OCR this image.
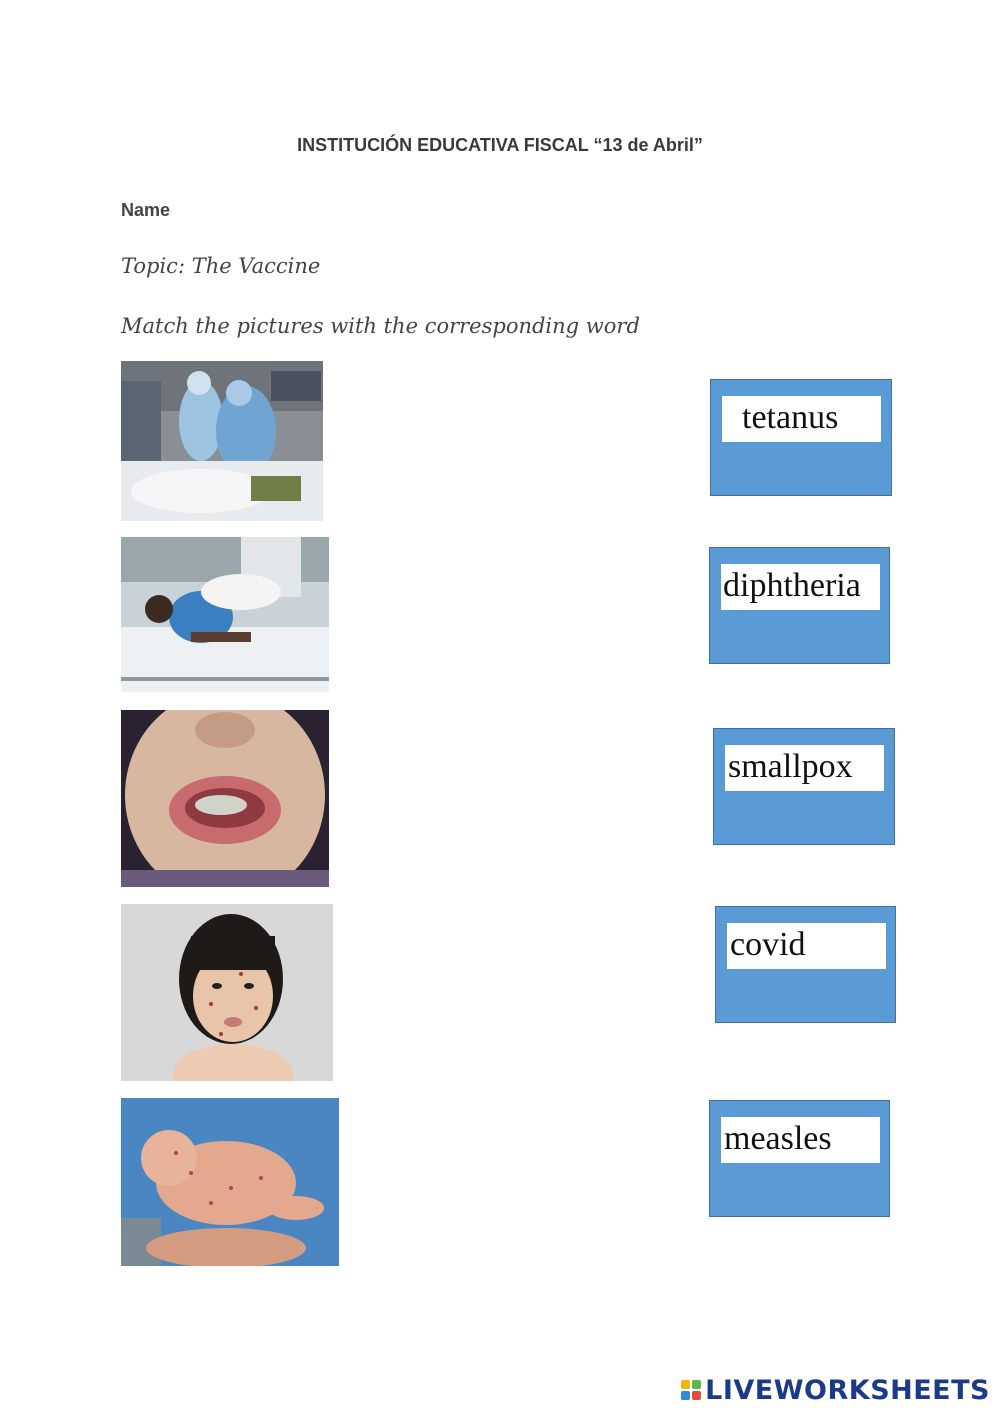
INSTITUCIÓN EDUCATIVA FISCAL “13 de Abril”
Name
Topic: The Vaccine
Match the pictures with the corresponding word
tetanus
diphtheria
smallpox
covid
measles
LIVEWORKSHEETS
